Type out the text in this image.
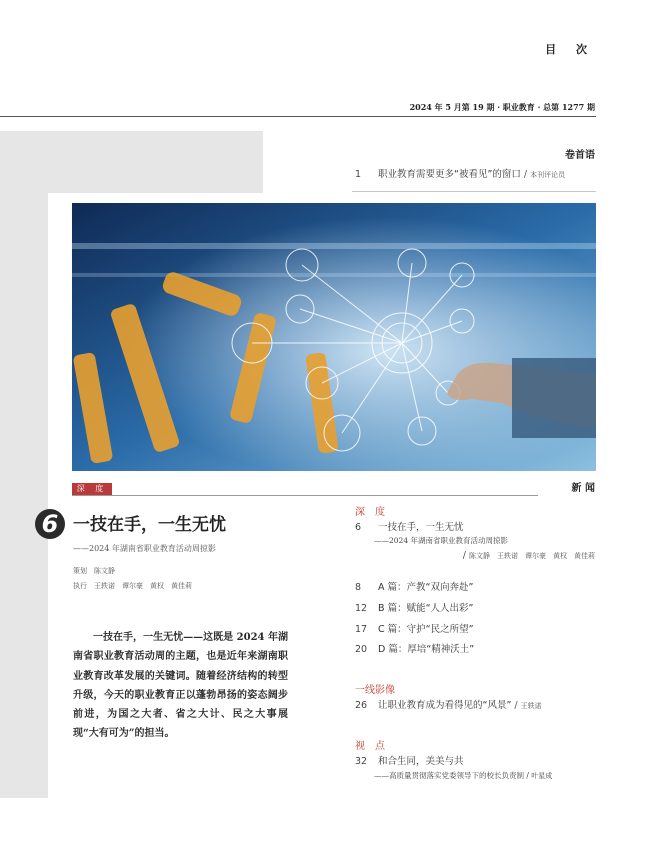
目 次
2024 年 5 月第 19 期 · 职业教育 · 总第 1277 期
卷首语
1 职业教育需要更多“被看见”的窗口 / 本刊评论员
新 闻
深 度
6 一技在手，一生无忧
——2024 年湖南省职业教育活动周掠影
策划　陈文静
执行　王轶诺　谭尔豪　黄权　黄佳莉
一技在手，一生无忧——这既是 2024 年湖南省职业教育活动周的主题，也是近年来湖南职业教育改革发展的关键词。随着经济结构的转型升级，今天的职业教育正以蓬勃昂扬的姿态阔步前进，为国之大者、省之大计、民之大事展现“大有可为”的担当。
深　度
6 一技在手，一生无忧
——2024 年湖南省职业教育活动周掠影
/ 陈文静　王轶诺　谭尔豪　黄权　黄佳莉
8 A 篇：产教“双向奔赴”
12 B 篇：赋能“人人出彩”
17 C 篇：守护“民之所望”
20 D 篇：厚培“精神沃土”
一线影像
26 让职业教育成为看得见的“风景” / 王轶诺
视　点
32 和合生同，美美与共
——高质量贯彻落实党委领导下的校长负责制 / 叶星成
